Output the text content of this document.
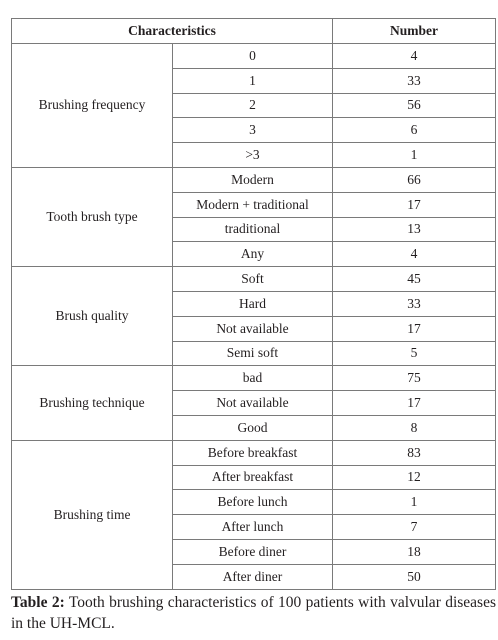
Characteristics		Number
Brushing frequency	0	4
	1	33
	2	56
	3	6
	>3	1
Tooth brush type	Modern	66
	Modern + traditional	17
	traditional	13
	Any	4
Brush quality	Soft	45
	Hard	33
	Not available	17
	Semi soft	5
Brushing technique	bad	75
	Not available	17
	Good	8
Brushing time	Before breakfast	83
	After breakfast	12
	Before lunch	1
	After lunch	7
	Before diner	18
	After diner	50
Table 2: Tooth brushing characteristics of 100 patients with valvular diseases in the UH-MCL.
